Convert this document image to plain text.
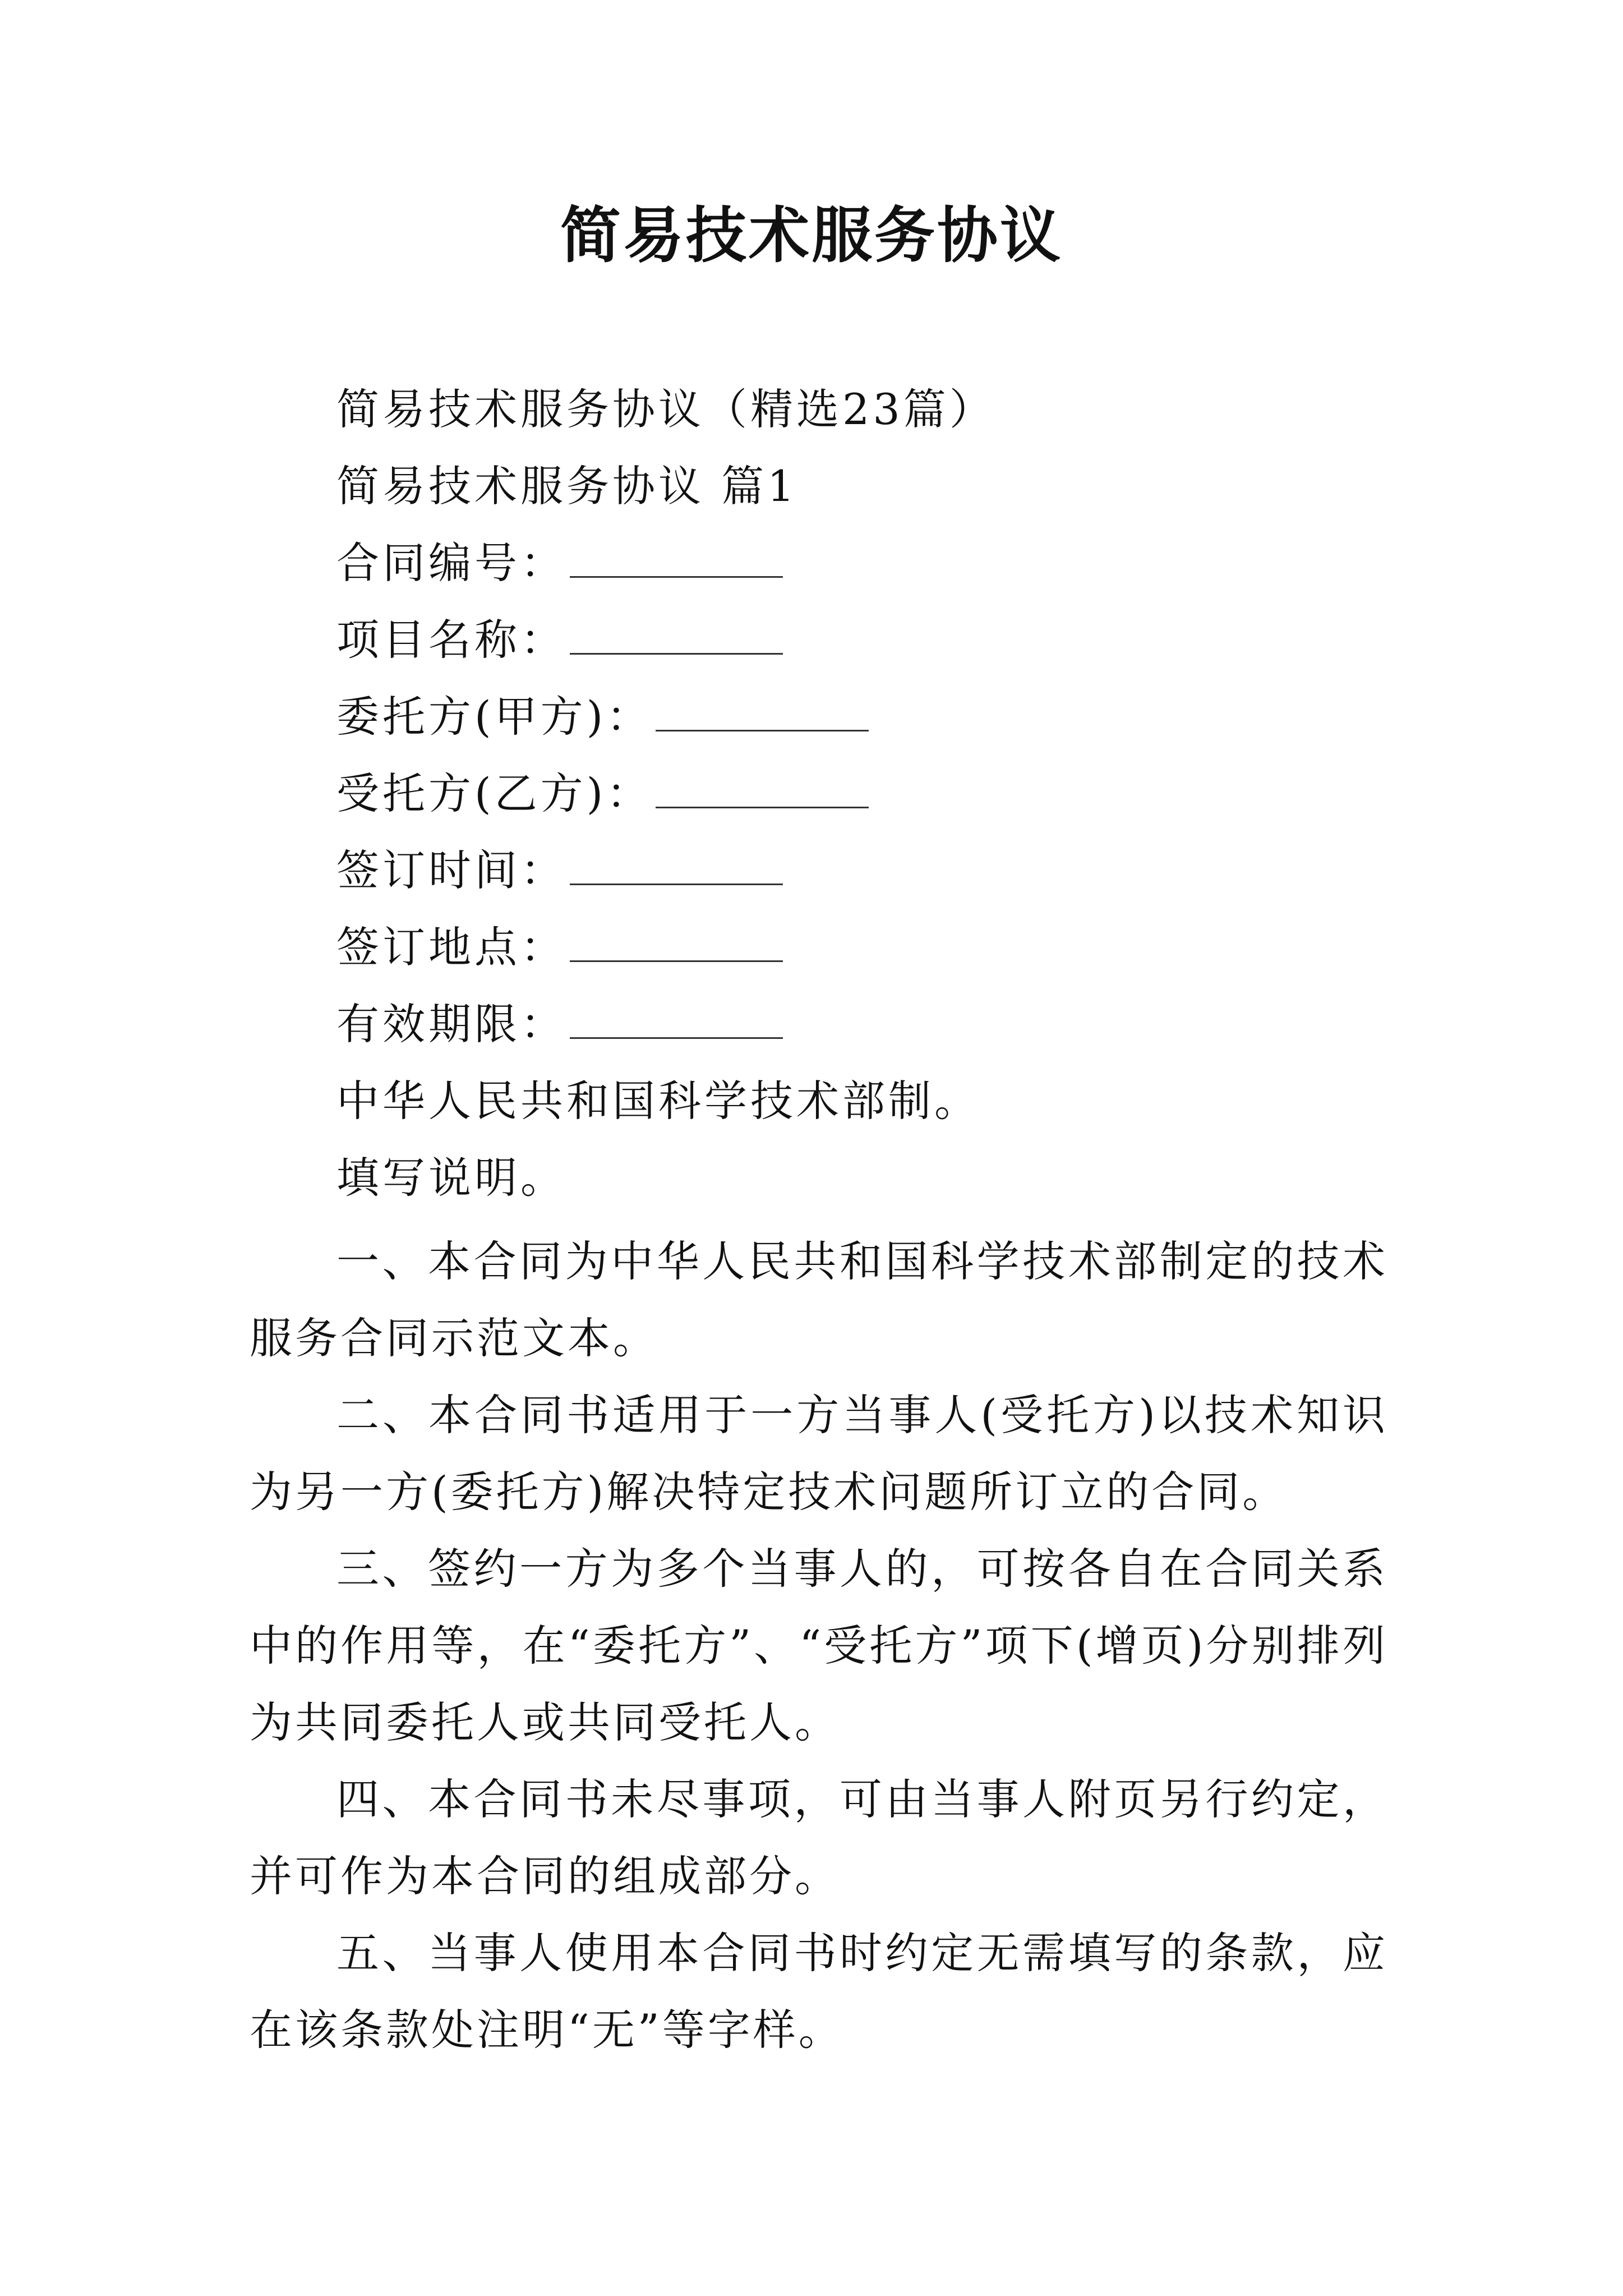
简易技术服务协议
简易技术服务协议（精选23篇）
简易技术服务协议 篇1
合同编号：
项目名称：
委托方(甲方)：
受托方(乙方)：
签订时间：
签订地点：
有效期限：
中华人民共和国科学技术部制。
填写说明。
一、本合同为中华人民共和国科学技术部制定的技术服务合同示范文本。
二、本合同书适用于一方当事人(受托方)以技术知识为另一方(委托方)解决特定技术问题所订立的合同。
三、签约一方为多个当事人的，可按各自在合同关系中的作用等，在“委托方”、“受托方”项下(增页)分别排列为共同委托人或共同受托人。
四、本合同书未尽事项，可由当事人附页另行约定，并可作为本合同的组成部分。
五、当事人使用本合同书时约定无需填写的条款，应在该条款处注明“无”等字样。
